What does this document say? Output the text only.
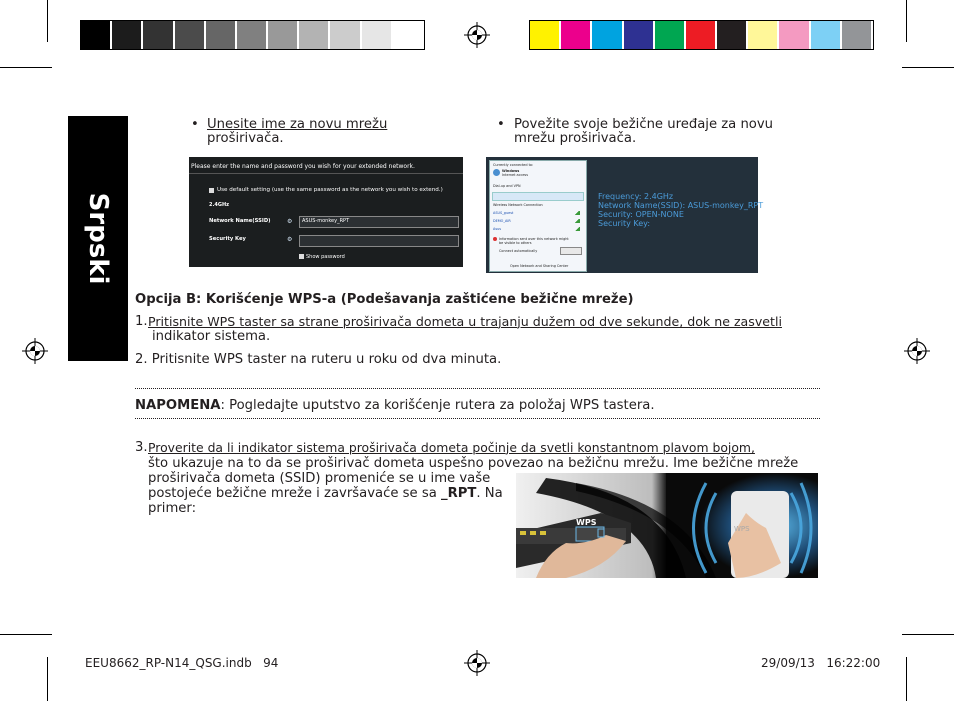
Srpski
• Unesite ime za novu mrežu
proširivača.
• Povežite svoje bežične uređaje za novu
mrežu proširivača.
Please enter the name and password you wish for your extended network.
Use default setting (use the same password as the network you wish to extend.)
2.4GHz
Network Name(SSID)	⚙ ASUS-monkey_RPT
Security Key	⚙
Show password
Currently connected to:
Windows
Internet access
Dial-up and VPN
Wireless Network Connection
ASUS_guest
DEMO_AIR
Asus
Information sent over this network might be visible to others
Connect automatically
Open Network and Sharing Center
Frequency: 2.4GHz
Network Name(SSID): ASUS-monkey_RPT
Security: OPEN-NONE
Security Key:
Opcija B: Korišćenje WPS-a (Podešavanja zaštićene bežične mreže)
1. Pritisnite WPS taster sa strane proširivača dometa u trajanju dužem od dve sekunde, dok ne zasvetli
indikator sistema.
2. Pritisnite WPS taster na ruteru u roku od dva minuta.
NAPOMENA: Pogledajte uputstvo za korišćenje rutera za položaj WPS tastera.
3. Proverite da li indikator sistema proširivača dometa počinje da svetli konstantnom plavom bojom,
što ukazuje na to da se proširivač dometa uspešno povezao na bežičnu mrežu. Ime bežične mreže
proširivača dometa (SSID) promeniće se u ime vaše
postojeće bežične mreže i završavaće se sa _RPT. Na
primer:
WPS
WPS
EEU8662_RP-N14_QSG.indb   94	29/09/13   16:22:00
